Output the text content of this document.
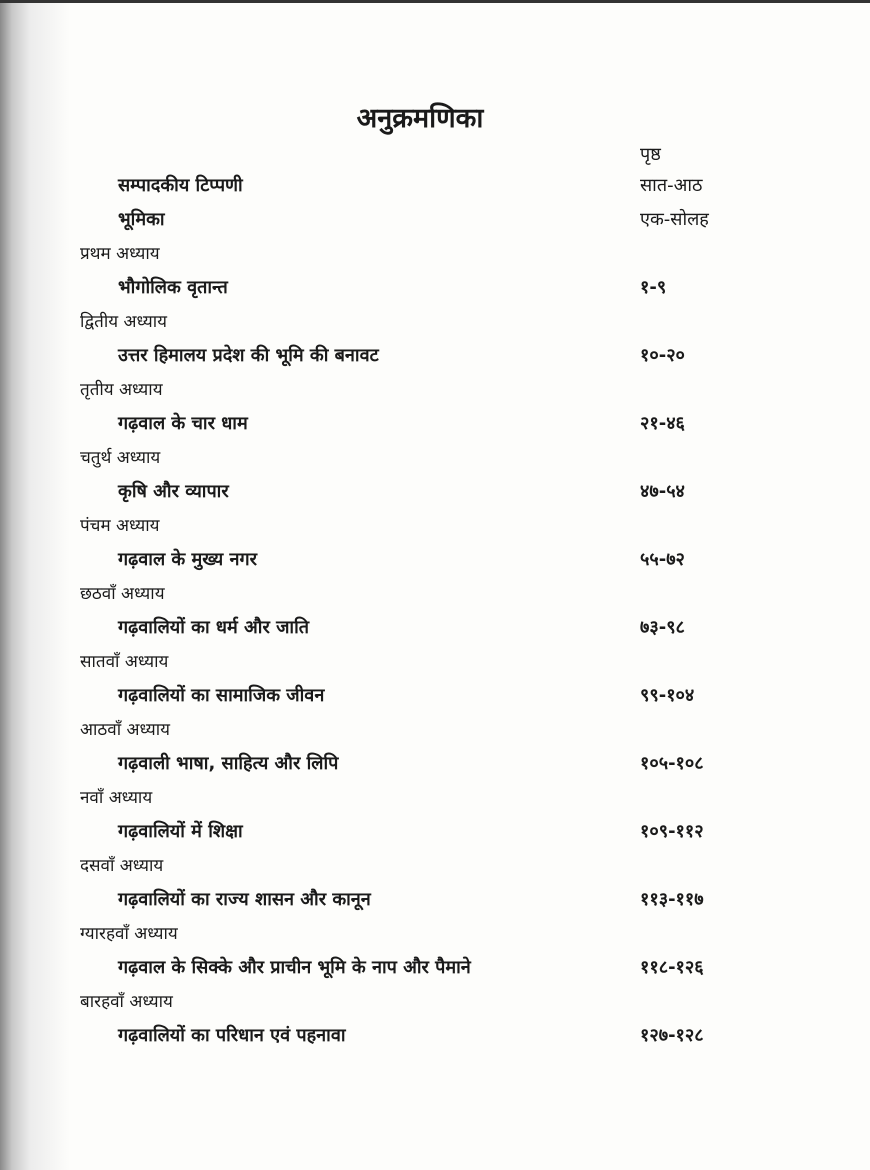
अनुक्रमणिका
पृष्ठ
सम्पादकीय टिप्पणी	सात-आठ
भूमिका	एक-सोलह
प्रथम अध्याय
भौगोलिक वृतान्त	१-९
द्वितीय अध्याय
उत्तर हिमालय प्रदेश की भूमि की बनावट	१०-२०
तृतीय अध्याय
गढ़वाल के चार धाम	२१-४६
चतुर्थ अध्याय
कृषि और व्यापार	४७-५४
पंचम अध्याय
गढ़वाल के मुख्य नगर	५५-७२
छठवाँ अध्याय
गढ़वालियों का धर्म और जाति	७३-९८
सातवाँ अध्याय
गढ़वालियों का सामाजिक जीवन	९९-१०४
आठवाँ अध्याय
गढ़वाली भाषा, साहित्य और लिपि	१०५-१०८
नवाँ अध्याय
गढ़वालियों में शिक्षा	१०९-११२
दसवाँ अध्याय
गढ़वालियों का राज्य शासन और कानून	११३-११७
ग्यारहवाँ अध्याय
गढ़वाल के सिक्के और प्राचीन भूमि के नाप और पैमाने	११८-१२६
बारहवाँ अध्याय
गढ़वालियों का परिधान एवं पहनावा	१२७-१२८
